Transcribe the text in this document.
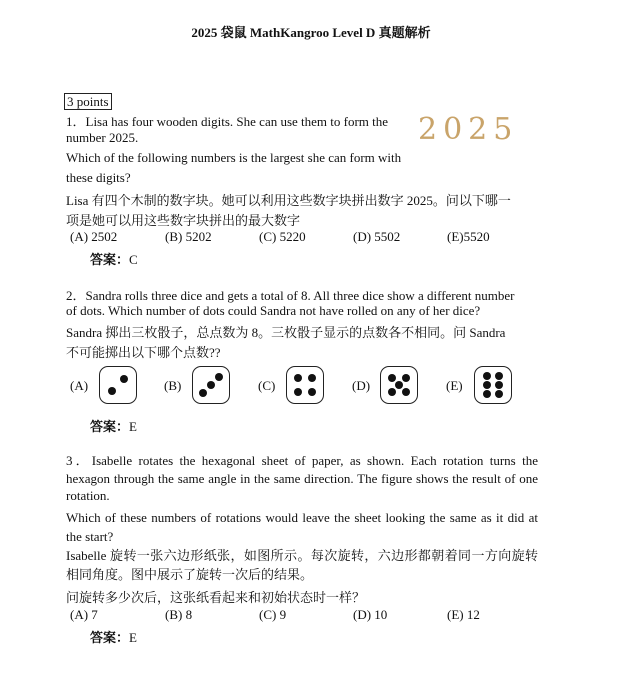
2025 袋鼠 MathKangroo Level D 真题解析
3 points
2025
1．Lisa has four wooden digits. She can use them to form the
number 2025.
Which of the following numbers is the largest she can form with
these digits?
Lisa 有四个木制的数字块。她可以利用这些数字块拼出数字 2025。问以下哪一
项是她可以用这些数字块拼出的最大数字
(A) 2502	(B) 5202	(C) 5220	(D) 5502	(E)5520
答案：C
2．Sandra rolls three dice and gets a total of 8. All three dice show a different number
of dots. Which number of dots could Sandra not have rolled on any of her dice?
Sandra 掷出三枚骰子，总点数为 8。三枚骰子显示的点数各不相同。问 Sandra
不可能掷出以下哪个点数??
(A)	(B)	(C)	(D)	(E)
答案：E
3．Isabelle rotates the hexagonal sheet of paper, as shown. Each rotation turns the hexagon through the same angle in the same direction. The figure shows the result of one rotation.
Which of these numbers of rotations would leave the sheet looking the same as it did at the start?
Isabelle 旋转一张六边形纸张，如图所示。每次旋转，六边形都朝着同一方向旋转相同角度。图中展示了旋转一次后的结果。
问旋转多少次后，这张纸看起来和初始状态时一样？
(A) 7	(B) 8	(C) 9	(D) 10	(E) 12
答案：E
